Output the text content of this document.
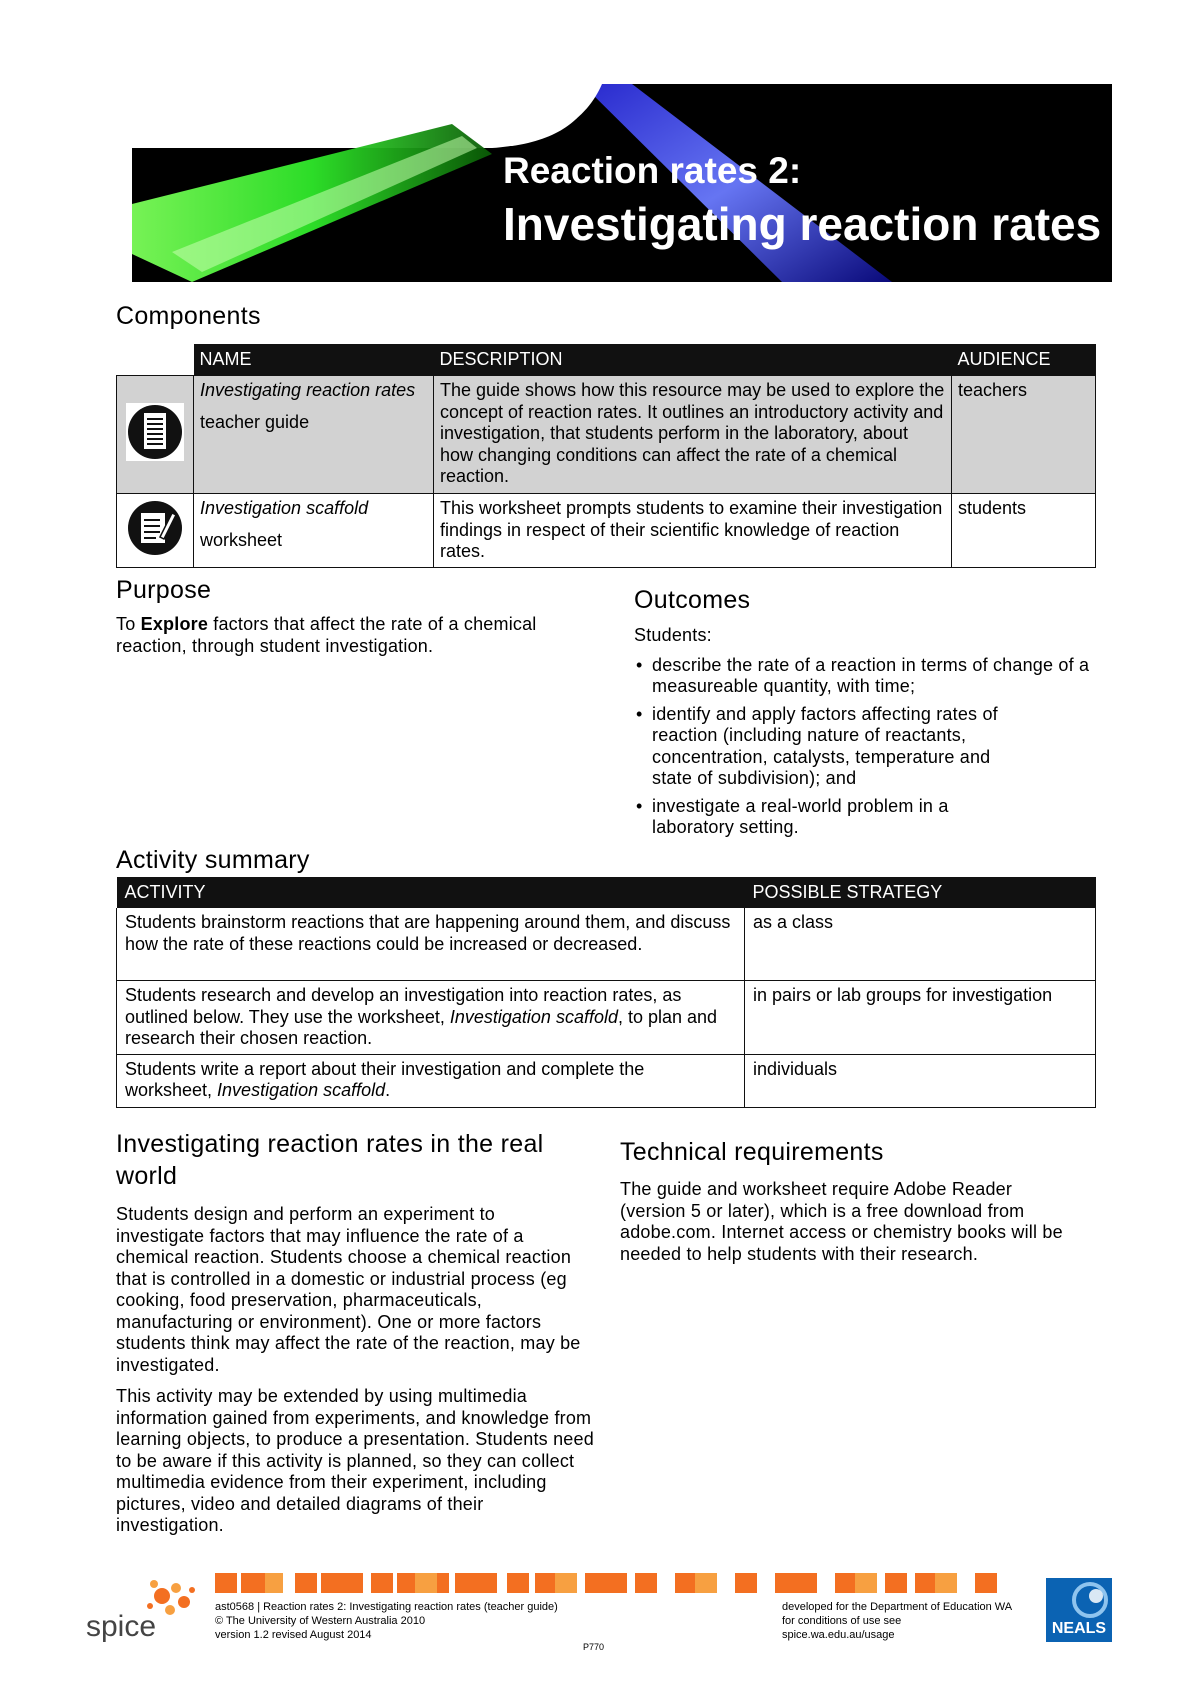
Reaction rates 2:
Investigating reaction rates
Components
	NAME	DESCRIPTION	AUDIENCE

Investigating reaction rates
teacher guide	The guide shows how this resource may be used to explore the concept of reaction rates. It outlines an introductory activity and investigation, that students perform in the laboratory, about how changing conditions can affect the rate of a chemical reaction.	teachers

Investigation scaffold
worksheet	This worksheet prompts students to examine their investigation findings in respect of their scientific knowledge of reaction rates.	students
Purpose

To Explore factors that affect the rate of a chemical reaction, through student investigation.

Outcomes

Students:

• describe the rate of a reaction in terms of change of a measureable quantity, with time;
• identify and apply factors affecting rates of reaction (including nature of reactants, concentration, catalysts, temperature and state of subdivision); and
• investigate a real-world problem in a laboratory setting.
Activity summary
ACTIVITY	POSSIBLE STRATEGY
Students brainstorm reactions that are happening around them, and discuss how the rate of these reactions could be increased or decreased.	as a class
Students research and develop an investigation into reaction rates, as outlined below. They use the worksheet, Investigation scaffold, to plan and research their chosen reaction.	in pairs or lab groups for investigation
Students write a report about their investigation and complete the worksheet, Investigation scaffold.	individuals
Investigating reaction rates in the real world

Students design and perform an experiment to investigate factors that may influence the rate of a chemical reaction. Students choose a chemical reaction that is controlled in a domestic or industrial process (eg cooking, food preservation, pharmaceuticals, manufacturing or environment). One or more factors students think may affect the rate of the reaction, may be investigated.

This activity may be extended by using multimedia information gained from experiments, and knowledge from learning objects, to produce a presentation. Students need to be aware if this activity is planned, so they can collect multimedia evidence from their experiment, including pictures, video and detailed diagrams of their investigation.

Technical requirements

The guide and worksheet require Adobe Reader (version 5 or later), which is a free download from adobe.com. Internet access or chemistry books will be needed to help students with their research.

spice
ast0568 | Reaction rates 2: Investigating reaction rates (teacher guide)
© The University of Western Australia 2010
version 1.2 revised August 2014
P770
developed for the Department of Education WA
for conditions of use see
spice.wa.edu.au/usage	NEALS
